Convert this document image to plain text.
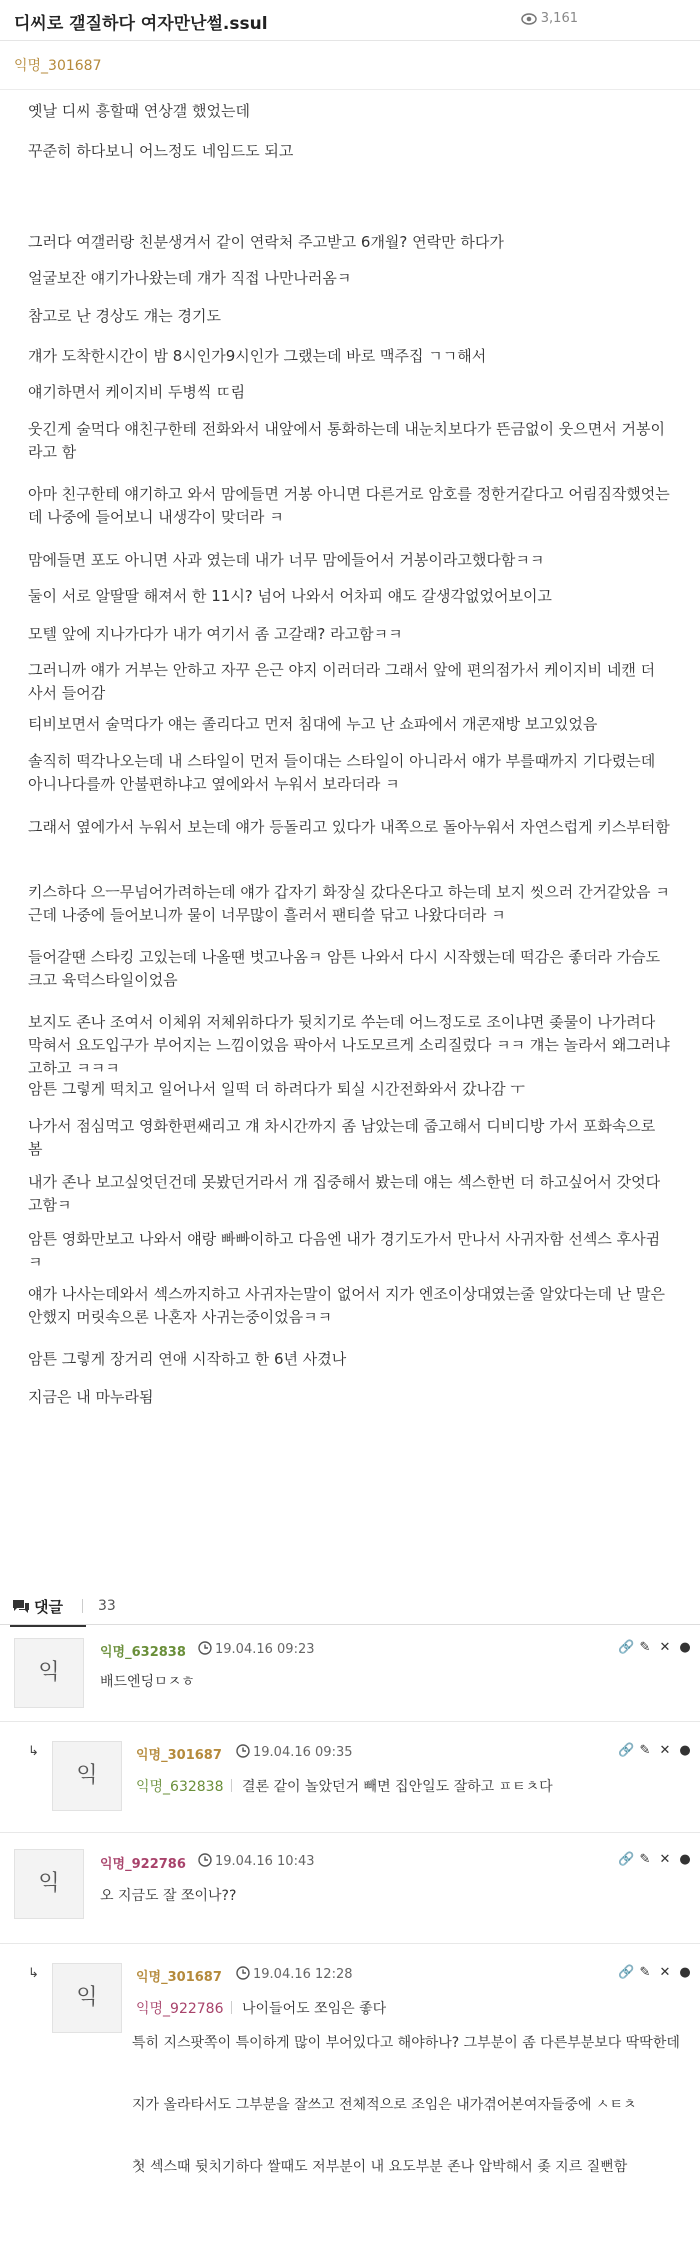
디씨로 갤질하다 여자만난썰.ssul	3,161
익명_301687
옛날 디씨 흥할때 연상갤 했었는데
꾸준히 하다보니 어느정도 네임드도 되고
그러다 여갤러랑 친분생겨서 같이 연락처 주고받고 6개월? 연락만 하다가
얼굴보잔 얘기가나왔는데 걔가 직접 나만나러옴ㅋ
참고로 난 경상도 걔는 경기도
걔가 도착한시간이 밤 8시인가9시인가 그랬는데 바로 맥주집 ㄱㄱ해서
얘기하면서 케이지비 두병씩 ㄸ림
웃긴게 술먹다 얘친구한테 전화와서 내앞에서 통화하는데 내눈치보다가 뜬금없이 웃으면서 거봉이라고 함
아마 친구한테 얘기하고 와서 맘에들면 거봉 아니면 다른거로 암호를 정한거같다고 어림짐작했엇는데 나중에 들어보니 내생각이 맞더라 ㅋ
맘에들면 포도 아니면 사과 였는데 내가 너무 맘에들어서 거봉이라고했다함ㅋㅋ
둘이 서로 알딸딸 해져서 한 11시? 넘어 나와서 어차피 얘도 갈생각없었어보이고
모텔 앞에 지나가다가 내가 여기서 좀 고갈래? 라고함ㅋㅋ
그러니까 얘가 거부는 안하고 자꾸 은근 야지 이러더라 그래서 앞에 편의점가서 케이지비 네캔 더 사서 들어감
티비보면서 술먹다가 얘는 졸리다고 먼저 침대에 누고 난 쇼파에서 개콘재방 보고있었음
솔직히 떡각나오는데 내 스타일이 먼저 들이대는 스타일이 아니라서 얘가 부를때까지 기다렸는데 아니나다를까 안불편하냐고 옆에와서 누워서 보라더라 ㅋ
그래서 옆에가서 누워서 보는데 얘가 등돌리고 있다가 내쪽으로 돌아누워서 자연스럽게 키스부터함
키스하다 으ㅡ무넘어가려하는데 얘가 갑자기 화장실 갔다온다고 하는데 보지 씻으러 간거같았음 ㅋ 근데 나중에 들어보니까 물이 너무많이 흘러서 팬티쓸 닦고 나왔다더라 ㅋ
들어갈땐 스타킹 고있는데 나올땐 벗고나옴ㅋ 암튼 나와서 다시 시작했는데 떡감은 좋더라 가슴도 크고 육덕스타일이었음
보지도 존나 조여서 이체위 저체위하다가 뒷치기로 쑤는데 어느정도로 조이냐면 좆물이 나가려다 막혀서 요도입구가 부어지는 느낌이었음 팍아서 나도모르게 소리질렀다 ㅋㅋ 걔는 놀라서 왜그러냐고하고 ㅋㅋㅋ
암튼 그렇게 떡치고 일어나서 일떡 더 하려다가 퇴실 시간전화와서 갔나감 ㅜ
나가서 점심먹고 영화한편쌔리고 걔 차시간까지 좀 남았는데 줍고해서 디비디방 가서 포화속으로 봄
내가 존나 보고싶엇던건데 못봤던거라서 개 집중해서 봤는데 얘는 섹스한번 더 하고싶어서 갓엇다고함ㅋ
암튼 영화만보고 나와서 얘랑 빠빠이하고 다음엔 내가 경기도가서 만나서 사귀자함 선섹스 후사귐 ㅋ
얘가 나사는데와서 섹스까지하고 사귀자는말이 없어서 지가 엔조이상대였는줄 알았다는데 난 말은 안했지 머릿속으론 나혼자 사귀는중이었음ㅋㅋ
암튼 그렇게 장거리 연애 시작하고 한 6년 사겼나
지금은 내 마누라됨
댓글	33
익
익명_632838	19.04.16 09:23
배드엔딩ㅁㅈㅎ
🔗 ✎ ✕ ●
↳
익
익명_301687	19.04.16 09:35
익명_632838	결론 같이 놀았던거 빼면 집안일도 잘하고 ㅍㅌㅊ다
🔗 ✎ ✕ ●
익
익명_922786	19.04.16 10:43
오 지금도 잘 쪼이나??
🔗 ✎ ✕ ●
↳
익
익명_301687	19.04.16 12:28
익명_922786	나이들어도 쪼임은 좋다
특히 지스팟쪽이 특이하게 많이 부어있다고 해야하나? 그부분이 좀 다른부분보다 딱딱한데
지가 올라타서도 그부분을 잘쓰고 전체적으로 조임은 내가겪어본여자들중에 ㅅㅌㅊ
첫 섹스때 뒷치기하다 쌀때도 저부분이 내 요도부분 존나 압박해서 좆 지르 질뻔함
🔗 ✎ ✕ ●
